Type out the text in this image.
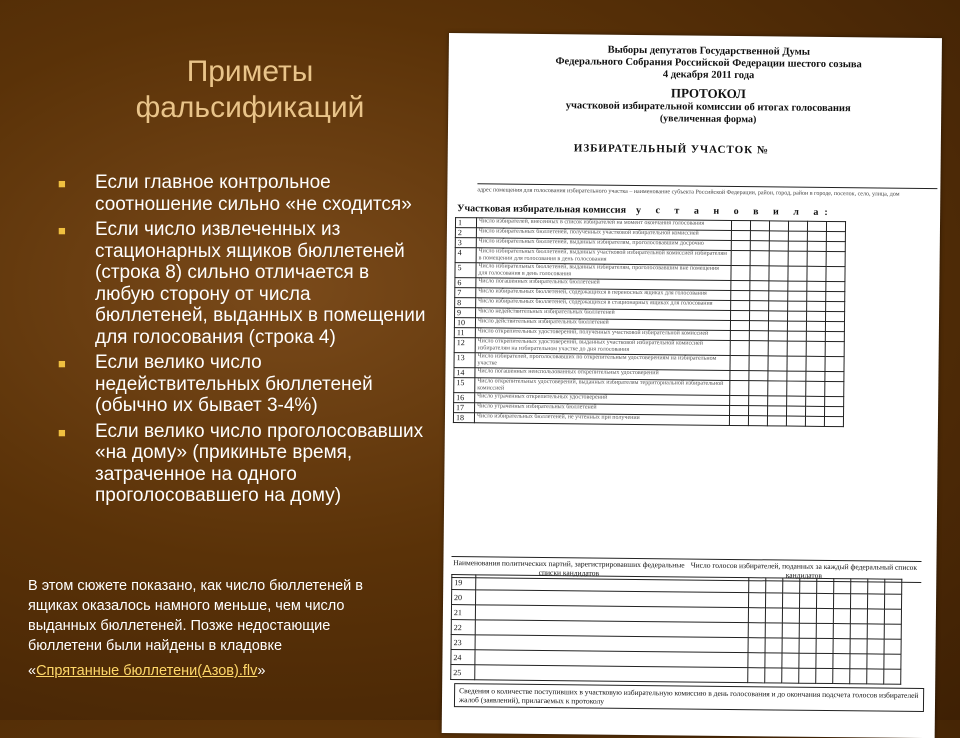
Приметы
фальсификаций
■ Если главное контрольное соотношение сильно «не сходится»
■ Если число извлеченных из стационарных ящиков бюллетеней (строка 8) сильно отличается в любую сторону от числа бюллетеней, выданных в помещении для голосования (строка 4)
■ Если велико число недействительных бюллетеней (обычно их бывает 3-4%)
■ Если велико число проголосовавших «на дому» (прикиньте время, затраченное на одного проголосовавшего на дому)
В этом сюжете показано, как число бюллетеней в ящиках оказалось намного меньше, чем число выданных бюллетеней. Позже недостающие бюллетени были найдены в кладовке
«Спрятанные бюллетени(Азов).flv»
Выборы депутатов Государственной Думы
Федерального Собрания Российской Федерации шестого созыва
4 декабря 2011 года
ПРОТОКОЛ
участковой избирательной комиссии об итогах голосования
(увеличенная форма)
ИЗБИРАТЕЛЬНЫЙ УЧАСТОК №
адрес помещения для голосования избирательного участка – наименование субъекта Российской Федерации, район, город, район в городе, поселок, село, улица, дом
Участковая избирательная комиссия у с т а н о в и л а:
1	Число избирателей, внесенных в список избирателей на момент окончания голосования						
2	Число избирательных бюллетеней, полученных участковой избирательной комиссией						
3	Число избирательных бюллетеней, выданных избирателям, проголосовавшим досрочно						
4	Число избирательных бюллетеней, выданных участковой избирательной комиссией избирателям в помещении для голосования в день голосования						
5	Число избирательных бюллетеней, выданных избирателям, проголосовавшим вне помещения для голосования в день голосования						
6	Число погашенных избирательных бюллетеней						
7	Число избирательных бюллетеней, содержащихся в переносных ящиках для голосования						
8	Число избирательных бюллетеней, содержащихся в стационарных ящиках для голосования						
9	Число недействительных избирательных бюллетеней						
10	Число действительных избирательных бюллетеней						
11	Число открепительных удостоверений, полученных участковой избирательной комиссией						
12	Число открепительных удостоверений, выданных участковой избирательной комиссией избирателям на избирательном участке до дня голосования						
13	Число избирателей, проголосовавших по открепительным удостоверениям на избирательном участке						
14	Число погашенных неиспользованных открепительных удостоверений						
15	Число открепительных удостоверений, выданных избирателям территориальной избирательной комиссией						
16	Число утраченных открепительных удостоверений						
17	Число утраченных избирательных бюллетеней						
18	Число избирательных бюллетеней, не учтенных при получении						
Наименования политических партий, зарегистрировавших федеральные списки кандидатов
Число голосов избирателей, поданных за каждый федеральный список кандидатов
19										
20										
21										
22										
23										
24										
25										
Сведения о количестве поступивших в участковую избирательную комиссию в день голосования и до окончания подсчета голосов избирателей жалоб (заявлений), прилагаемых к протоколу
